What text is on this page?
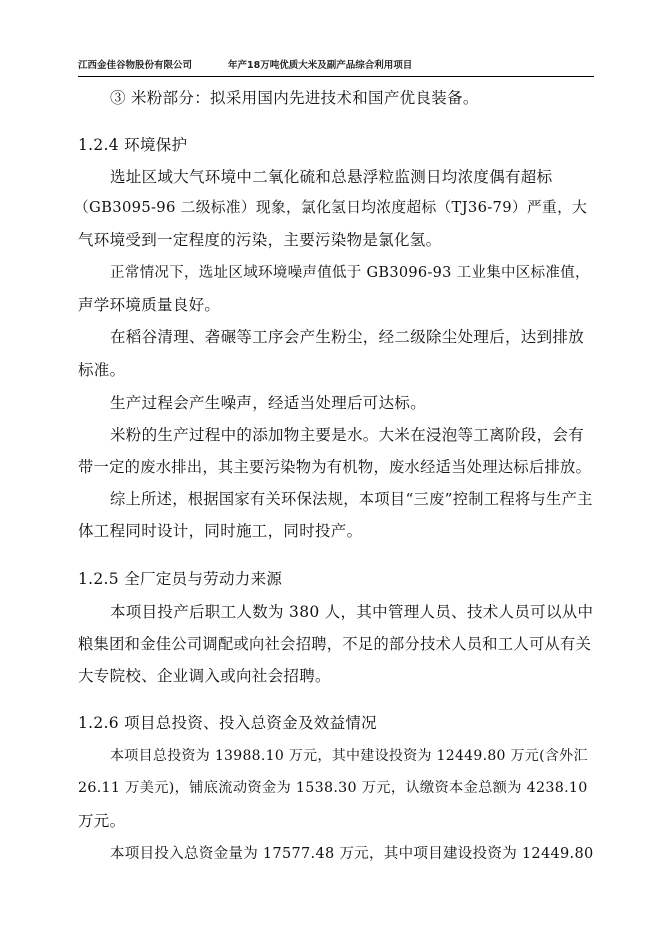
江西金佳谷物股份有限公司	年产18万吨优质大米及副产品综合利用项目
③ 米粉部分：拟采用国内先进技术和国产优良装备。
1.2.4 环境保护
选址区域大气环境中二氧化硫和总悬浮粒监测日均浓度偶有超标
（GB3095-96 二级标准）现象，氯化氢日均浓度超标（TJ36-79）严重，大
气环境受到一定程度的污染，主要污染物是氯化氢。
正常情况下，选址区域环境噪声值低于 GB3096-93 工业集中区标准值，
声学环境质量良好。
在稻谷清理、砻碾等工序会产生粉尘，经二级除尘处理后，达到排放
标准。
生产过程会产生噪声，经适当处理后可达标。
米粉的生产过程中的添加物主要是水。大米在浸泡等工离阶段，会有
带一定的废水排出，其主要污染物为有机物，废水经适当处理达标后排放。
综上所述，根据国家有关环保法规，本项目“三废”控制工程将与生产主
体工程同时设计，同时施工，同时投产。
1.2.5 全厂定员与劳动力来源
本项目投产后职工人数为 380 人，其中管理人员、技术人员可以从中
粮集团和金佳公司调配或向社会招聘，不足的部分技术人员和工人可从有关
大专院校、企业调入或向社会招聘。
1.2.6 项目总投资、投入总资金及效益情况
本项目总投资为 13988.10 万元，其中建设投资为 12449.80 万元(含外汇
26.11 万美元)，铺底流动资金为 1538.30 万元，认缴资本金总额为 4238.10
万元。
本项目投入总资金量为 17577.48 万元，其中项目建设投资为 12449.80
